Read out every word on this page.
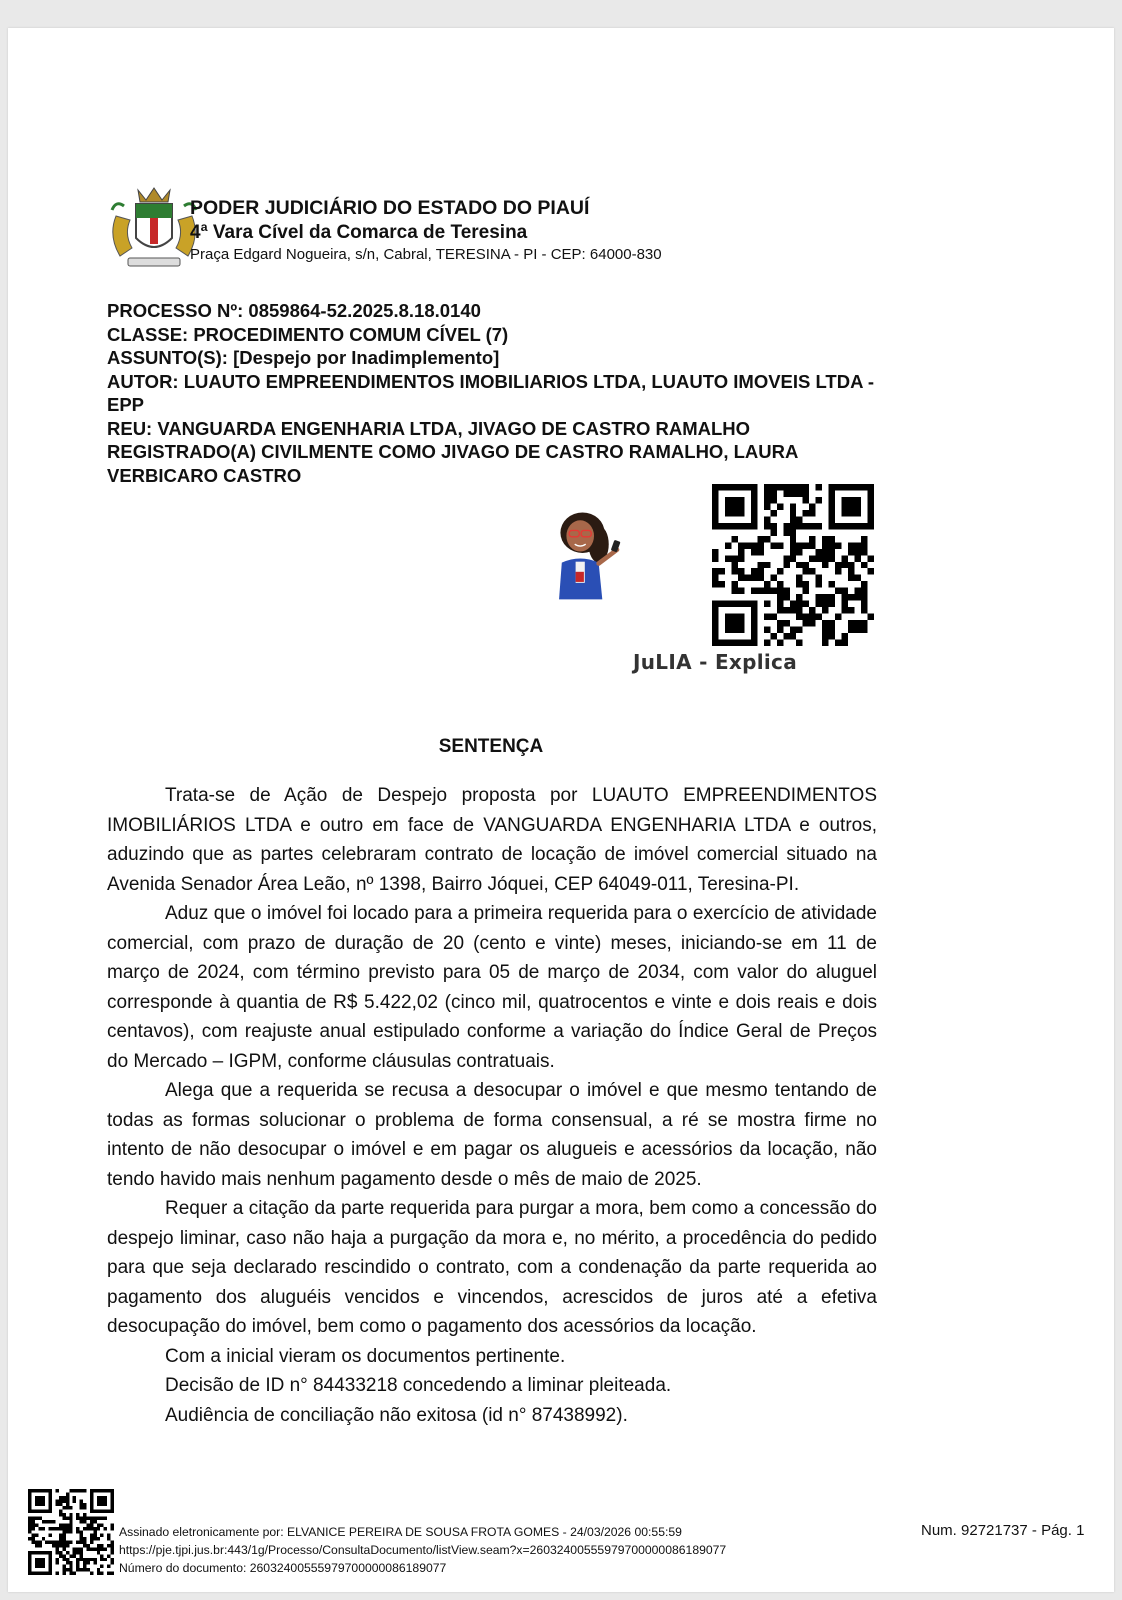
PODER JUDICIÁRIO DO ESTADO DO PIAUÍ
4ª Vara Cível da Comarca de Teresina
Praça Edgard Nogueira, s/n, Cabral, TERESINA - PI - CEP: 64000-830
PROCESSO Nº: 0859864-52.2025.8.18.0140
CLASSE: PROCEDIMENTO COMUM CÍVEL (7)
ASSUNTO(S): [Despejo por Inadimplemento]
AUTOR: LUAUTO EMPREENDIMENTOS IMOBILIARIOS LTDA, LUAUTO IMOVEIS LTDA - EPP
REU: VANGUARDA ENGENHARIA LTDA, JIVAGO DE CASTRO RAMALHO REGISTRADO(A) CIVILMENTE COMO JIVAGO DE CASTRO RAMALHO, LAURA VERBICARO CASTRO
JuLIA - Explica
SENTENÇA

Trata-se de Ação de Despejo proposta por LUAUTO EMPREENDIMENTOS IMOBILIÁRIOS LTDA e outro em face de VANGUARDA ENGENHARIA LTDA e outros, aduzindo que as partes celebraram contrato de locação de imóvel comercial situado na Avenida Senador Área Leão, nº 1398, Bairro Jóquei, CEP 64049-011, Teresina-PI.

Aduz que o imóvel foi locado para a primeira requerida para o exercício de atividade comercial, com prazo de duração de 20 (cento e vinte) meses, iniciando-se em 11 de março de 2024, com término previsto para 05 de março de 2034, com valor do aluguel corresponde à quantia de R$ 5.422,02 (cinco mil, quatrocentos e vinte e dois reais e dois centavos), com reajuste anual estipulado conforme a variação do Índice Geral de Preços do Mercado – IGPM, conforme cláusulas contratuais.

Alega que a requerida se recusa a desocupar o imóvel e que mesmo tentando de todas as formas solucionar o problema de forma consensual, a ré se mostra firme no intento de não desocupar o imóvel e em pagar os alugueis e acessórios da locação, não tendo havido mais nenhum pagamento desde o mês de maio de 2025.

Requer a citação da parte requerida para purgar a mora, bem como a concessão do despejo liminar, caso não haja a purgação da mora e, no mérito, a procedência do pedido para que seja declarado rescindido o contrato, com a condenação da parte requerida ao pagamento dos aluguéis vencidos e vincendos, acrescidos de juros até a efetiva desocupação do imóvel, bem como o pagamento dos acessórios da locação.

Com a inicial vieram os documentos pertinente.

Decisão de ID n° 84433218 concedendo a liminar pleiteada.

Audiência de conciliação não exitosa (id n° 87438992).

Assinado eletronicamente por: ELVANICE PEREIRA DE SOUSA FROTA GOMES - 24/03/2026 00:55:59
https://pje.tjpi.jus.br:443/1g/Processo/ConsultaDocumento/listView.seam?x=26032400555979700000086189077
Número do documento: 26032400555979700000086189077
Num. 92721737 - Pág. 1
